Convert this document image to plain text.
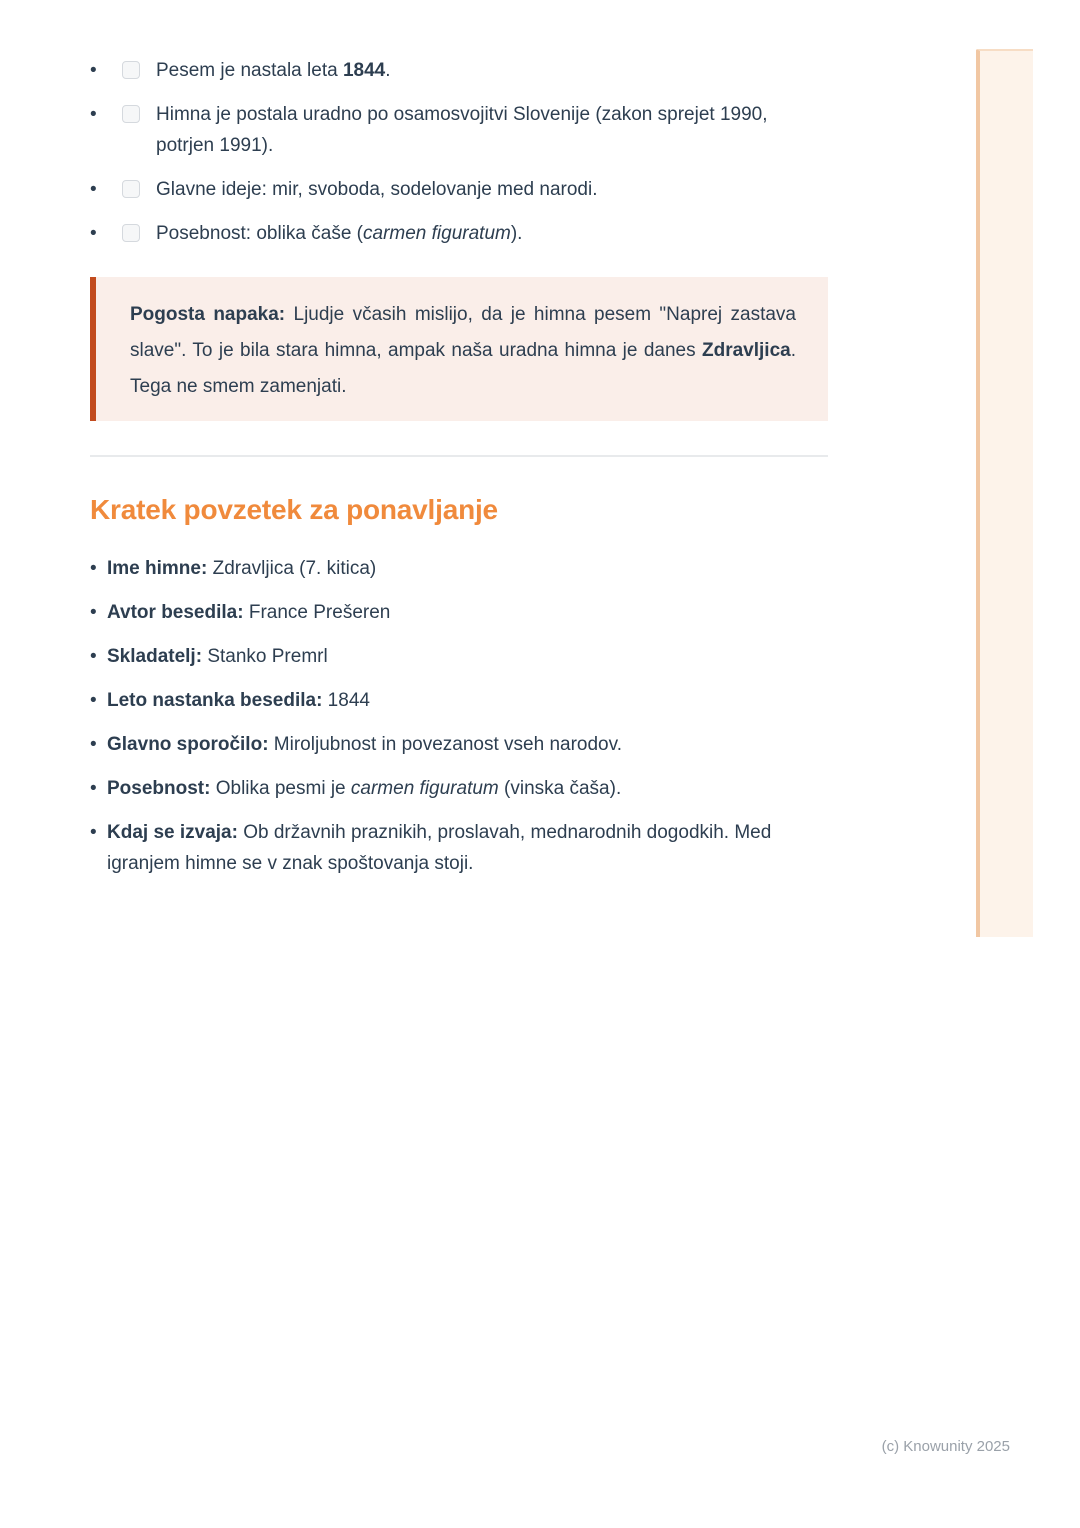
•	Pesem je nastala leta 1844.
•	Himna je postala uradno po osamosvojitvi Slovenije (zakon sprejet 1990, potrjen 1991).
•	Glavne ideje: mir, svoboda, sodelovanje med narodi.
•	Posebnost: oblika čaše (carmen figuratum).
Pogosta napaka: Ljudje včasih mislijo, da je himna pesem "Naprej zastava slave". To je bila stara himna, ampak naša uradna himna je danes Zdravljica. Tega ne smem zamenjati.
Kratek povzetek za ponavljanje
• Ime himne: Zdravljica (7. kitica)
• Avtor besedila: France Prešeren
• Skladatelj: Stanko Premrl
• Leto nastanka besedila: 1844
• Glavno sporočilo: Miroljubnost in povezanost vseh narodov.
• Posebnost: Oblika pesmi je carmen figuratum (vinska čaša).
• Kdaj se izvaja: Ob državnih praznikih, proslavah, mednarodnih dogodkih. Med igranjem himne se v znak spoštovanja stoji.
(c) Knowunity 2025
